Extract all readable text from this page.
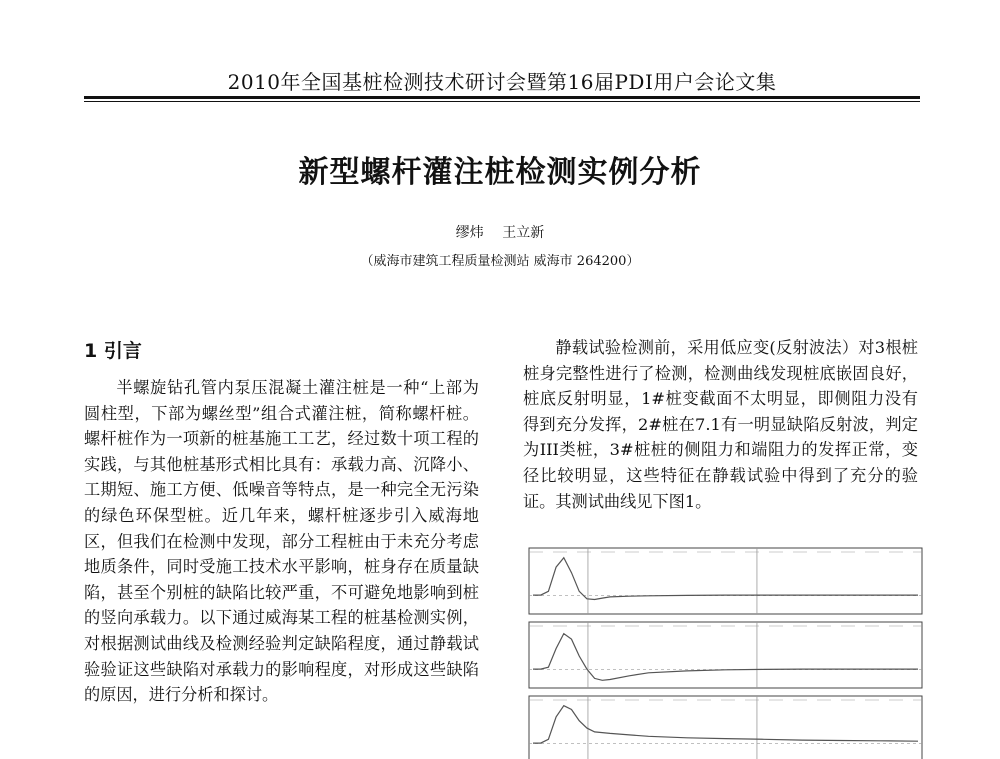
2010年全国基桩检测技术研讨会暨第16届PDI用户会论文集
新型螺杆灌注桩检测实例分析
缪炜 王立新
（威海市建筑工程质量检测站 威海市 264200）
1 引言

半螺旋钻孔管内泵压混凝土灌注桩是一种“上部为圆柱型，下部为螺丝型”组合式灌注桩，简称螺杆桩。螺杆桩作为一项新的桩基施工工艺，经过数十项工程的实践，与其他桩基形式相比具有：承载力高、沉降小、工期短、施工方便、低噪音等特点，是一种完全无污染的绿色环保型桩。近几年来，螺杆桩逐步引入威海地区，但我们在检测中发现，部分工程桩由于未充分考虑地质条件，同时受施工技术水平影响，桩身存在质量缺陷，甚至个别桩的缺陷比较严重，不可避免地影响到桩的竖向承载力。以下通过威海某工程的桩基检测实例，对根据测试曲线及检测经验判定缺陷程度，通过静载试验验证这些缺陷对承载力的影响程度，对形成这些缺陷的原因，进行分析和探讨。

静载试验检测前，采用低应变(反射波法）对3根桩桩身完整性进行了检测，检测曲线发现桩底嵌固良好，桩底反射明显，1#桩变截面不太明显，即侧阻力没有得到充分发挥，2#桩在7.1有一明显缺陷反射波，判定为III类桩，3#桩桩的侧阻力和端阻力的发挥正常，变径比较明显，这些特征在静载试验中得到了充分的验证。其测试曲线见下图1。
